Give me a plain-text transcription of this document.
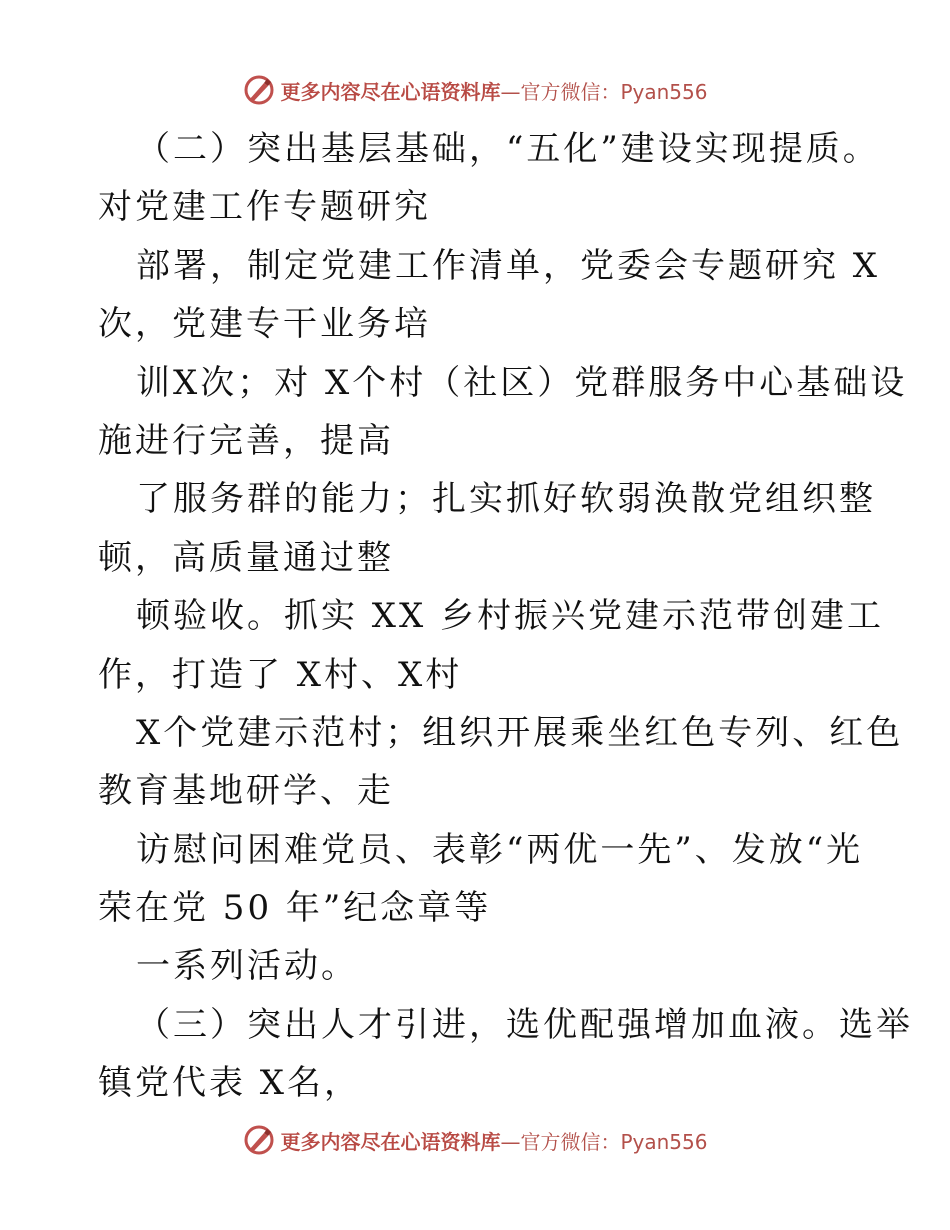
更多内容尽在心语资料库—官方微信：Pyan556
（二）突出基层基础，“五化”建设实现提质。
对党建工作专题研究
部署，制定党建工作清单，党委会专题研究 X
次，党建专干业务培
训X次；对 X个村（社区）党群服务中心基础设
施进行完善，提高
了服务群的能力；扎实抓好软弱涣散党组织整
顿，高质量通过整
顿验收。抓实 XX 乡村振兴党建示范带创建工
作，打造了 X村、X村
X个党建示范村；组织开展乘坐红色专列、红色
教育基地研学、走
访慰问困难党员、表彰“两优一先”、发放“光
荣在党 50 年”纪念章等
一系列活动。
（三）突出人才引进，选优配强增加血液。选举
镇党代表 X名，
更多内容尽在心语资料库—官方微信：Pyan556
